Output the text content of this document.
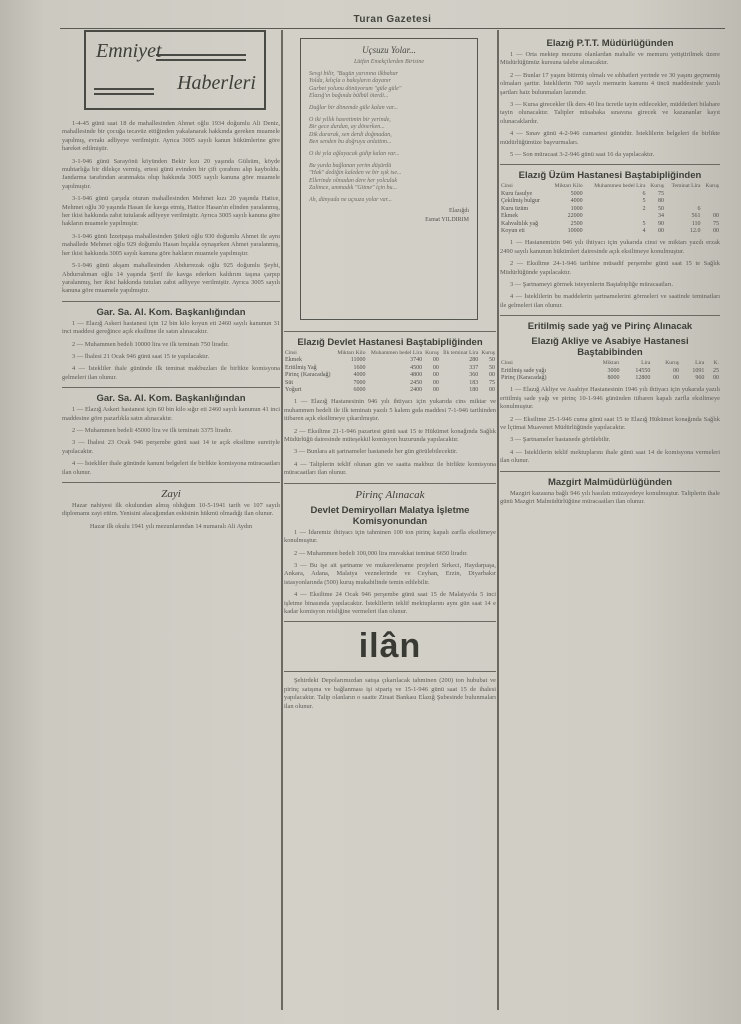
Turan Gazetesi
Emniyet
Haberleri

1-4-45 günü saat 18 de mahallesinden Ahmet oğlu 1934 doğumlu Ali Deniz, mahallesinde bir çocuğa tecavüz ettiğinden yakalanarak hakkında gereken muamele yapılmış, evrakı adliyeye verilmiştir. Ayrıca 3005 sayılı kanun hükümlerine göre hareket edilmiştir.

3-1-946 günü Sarayönü köyünden Bekir kızı 20 yaşında Gülsüm, köyde muhtarlığa bir dilekçe vermiş, ertesi günü evinden bir çift çorabını alıp kayboldu. Jandarma tarafından aranmakta olup hakkında 3005 sayılı kanuna göre muamele yapılmıştır.

3-1-946 günü çarşıda oturan mahallesinden Mehmet kızı 20 yaşında Hatice, Mehmet oğlu 30 yaşında Hasan ile kavga etmiş, Hatice Hasan'ın elinden yaralanmış, her ikisi hakkında zabıt tutularak adliyeye verilmiştir. Ayrıca 3005 sayılı kanuna göre hakların muamele yapılmıştır.

3-1-946 günü İzzetpaşa mahallesinden Şükrü oğlu 930 doğumlu Ahmet ile aynı mahallede Mehmet oğlu 929 doğumlu Hasan bıçakla oynaşırken Ahmet yaralanmış, her ikisi hakkında 3005 sayılı kanuna göre hakların muamele yapılmıştır.

5-1-946 günü akşam mahallesinden Abdurrezak oğlu 925 doğumlu Şeyhi, Abdurrahman oğlu 14 yaşında Şerif ile kavga ederken kaldırım taşına çarpıp yaralanmış, her ikisi hakkında tutulan zabıt adliyeye verilmiştir. Ayrıca 3005 sayılı kanuna göre muamele yapılmıştır.

Gar. Sa. Al. Kom. Başkanlığından

1 — Elazığ Askeri hastanesi için 12 bin kilo koyun eti 2460 sayılı kanunun 31 inci maddesi gereğince açık eksiltme ile satın alınacaktır.

2 — Muhammen bedeli 10000 lira ve ilk teminatı 750 liradır.

3 — İhalesi 21 Ocak 946 günü saat 15 te yapılacaktır.

4 — İstekliler ihale gününde ilk teminat makbuzları ile birlikte komisyona gelmeleri ilan olunur.

Gar. Sa. Al. Kom. Başkanlığından

1 — Elazığ Askeri hastanesi için 60 bin kilo sığır eti 2460 sayılı kanunun 41 inci maddesine göre pazarlıkla satın alınacaktır.

2 — Muhammen bedeli 45000 lira ve ilk teminatı 3375 liradır.

3 — İhalesi 23 Ocak 946 perşembe günü saat 14 te açık eksiltme suretiyle yapılacaktır.

4 — İstekliler ihale gününde kanuni belgeleri ile birlikte komisyona müracaatları ilan olunur.

Zayi

Hazar nahiyesi ilk okulundan almış olduğum 10-5-1941 tarih ve 107 sayılı diplomamı zayi ettim. Yenisini alacağımdan eskisinin hükmü olmadığı ilan olunur.

Hazar ilk okulu 1941 yılı mezunlarından 14 numaralı Ali Aydın

Uçsuzu Yolar...
Lütfen Emekçilerden Birisine
Sevgi bilir, "Bugün yarınına ilkbahar
Yolda, kılıçla o bakışların dayanır
Gurbet yolunu dönüyorum "güle güle"
Elazığ'ın bağında bülbül öterdi...
Dağlar bir dönemde güle kalan var...
O iki yıllık hasretimin bir yerinde,
Bir gece durdun, ay dönerken...
Dik durarak, sen derdi doğmadan,
Ben senden bu doğruyu anlattım...
O iki yıla ağlayacak gidip kalan var...
Bu yurda bağlanan yerim düşürdü
"Hak" dediğin kaleden ve bir ışık ise...
Ellerinde olmadan dere her yolculuk
Zalimce, ummadık "Gitme" için bu...
Ah, dünyada ne uçsuzu yolar var...
Elazığdı
Esmat YILDIRIM
Elazığ Devlet Hastanesi Baştabipliğinden
Cinsi	Miktarı Kilo	Muhammen bedel Lira	Kuruş	İlk teminat Lira	Kuruş
Ekmek	11000	3740	00	280	50
Eritilmiş Yağ	1600	4500	00	337	50
Pirinç (Karacadağ)	4000	4800	00	360	00
Süt	7000	2450	00	183	75
Yoğurt	6000	2400	00	180	00

1 — Elazığ Hastanesinin 946 yılı ihtiyacı için yukarıda cins miktar ve muhammen bedeli ile ilk teminatı yazılı 5 kalem gıda maddesi 7-1-946 tarihinden itibaren açık eksiltmeye çıkarılmıştır.

2 — Eksiltme 21-1-946 pazartesi günü saat 15 te Hükümet konağında Sağlık Müdürlüğü dairesinde müteşekkil komisyon huzurunda yapılacaktır.

3 — Bunlara ait şartnameler hastanede her gün görülebilecektir.

4 — Taliplerin teklif olunan gün ve saatta makbuz ile birlikte komisyona müracaatları ilan olunur.

Pirinç Alınacak
Devlet Demiryolları Malatya İşletme Komisyonundan

1 — İdaremiz ihtiyacı için tahminen 100 ton pirinç kapalı zarfla eksiltmeye konulmuştur.

2 — Muhammen bedeli 100,000 lira muvakkat teminat 6650 liradır.

3 — Bu işe ait şartname ve mukavelename projeleri Sirkeci, Haydarpaşa, Ankara, Adana, Malatya veznelerinde ve Ceyhan, Erzin, Diyarbakır istasyonlarında (500) kuruş mukabilinde temin edilebilir.

4 — Eksiltme 24 Ocak 946 perşembe günü saat 15 de Malatya'da 5 inci işletme binasında yapılacaktır. İsteklilerin teklif mektuplarını aynı gün saat 14 e kadar komisyon reisliğine vermeleri ilan olunur.

ilân

Şehirdeki Depolarımızdan satışa çıkarılacak tahminen (200) ton hububat ve pirinç satışına ve bağlanması işi sipariş ve 15-1-946 günü saat 15 de ihalesi yapılacaktır. Talip olanların o saatte Ziraat Bankası Elazığ Şubesinde bulunmaları ilan olunur.

Elazığ P.T.T. Müdürlüğünden

1 — Orta mektep mezunu olanlardan mahalle ve memuru yetiştirilmek üzere Müdürlüğümüz kursuna talebe alınacaktır.

2 — Bunlar 17 yaşını bitirmiş olmalı ve sıhhatleri yerinde ve 30 yaşını geçmemiş olmaları şarttır. İsteklilerin 700 sayılı memurin kanunu 4 üncü maddesinde yazılı şartları haiz bulunmaları lazımdır.

3 — Kursa girecekler ilk ders 40 lira ücretle tayin edilecekler, müddetleri bilahare tayin olunacaktır. Talipler müsabaka sınavına girecek ve kazananlar kayıt olunacaklardır.

4 — Sınav günü 4-2-946 cumartesi günüdür. İsteklilerin belgeleri ile birlikte müdürlüğümüze başvurmaları.

5 — Son müracaat 3-2-946 günü saat 16 da yapılacaktır.

Elazığ Üzüm Hastanesi Baştabipliğinden
Cinsi	Miktarı Kilo	Muhammen bedel Lira	Kuruş	Teminat Lira	Kuruş
Kuru fasulye	5000	6	75		
Çekilmiş bulgur	4000	5	80		
Kuru üzüm	1000	2	50	6	
Ekmek	22000		34	561	00
Kahvaltılık yağ	2500	5	90	110	75
Koyun eti	10000	4	00	12.0	00

1 — Hastanemizin 946 yılı ihtiyacı için yukarıda cinsi ve miktarı yazılı erzak 2490 sayılı kanunun hükümleri dairesinde açık eksiltmeye konulmuştur.

2 — Eksiltme 24-1-946 tarihine müsadif perşembe günü saat 15 te Sağlık Müdürlüğünde yapılacaktır.

3 — Şartnameyi görmek isteyenlerin Baştabipliğe müracaatları.

4 — İsteklilerin bu maddelerin şartnamelerini görmeleri ve saatinde teminatları ile gelmeleri ilan olunur.

Eritilmiş sade yağ ve Pirinç Alınacak
Elazığ Akliye ve Asabiye Hastanesi Baştabibinden
Cinsi	Miktarı	Lira	Kuruş	Lira	K.
Eritilmiş sade yağı	3000	14550	00	1091	25
Pirinç (Karacadağ)	8000	12800	00	960	00

1 — Elazığ Akliye ve Asabiye Hastanesinin 1946 yılı ihtiyacı için yukarıda yazılı eritilmiş sade yağı ve pirinç 10-1-946 gününden itibaren kapalı zarfla eksiltmeye konulmuştur.

2 — Eksiltme 25-1-946 cuma günü saat 15 te Elazığ Hükümet konağında Sağlık ve İçtimai Muavenet Müdürlüğünde yapılacaktır.

3 — Şartnameler hastanede görülebilir.

4 — İsteklilerin teklif mektuplarını ihale günü saat 14 de komisyona vermeleri ilan olunur.

Mazgirt Malmüdürlüğünden

Mazgirt kazasına bağlı 946 yılı hasılatı müzayedeye konulmuştur. Taliplerin ihale günü Mazgirt Malmüdürlüğüne müracaatları ilan olunur.
